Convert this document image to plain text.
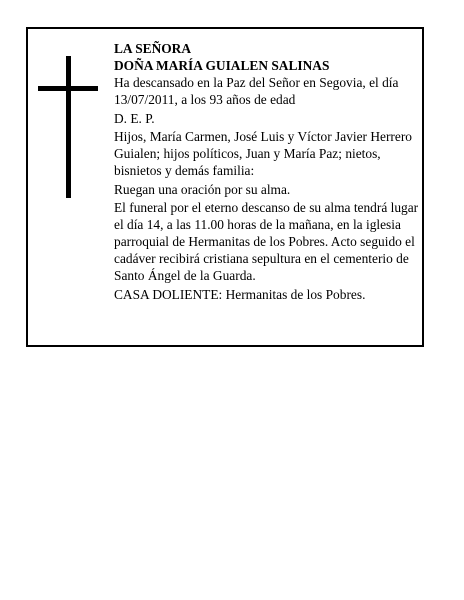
LA SEÑORA
DOÑA MARÍA GUIALEN SALINAS

Ha descansado en la Paz del Señor en Segovia, el día 13/07/2011, a los 93 años de edad

D. E. P.

Hijos, María Carmen, José Luis y Víctor Javier Herrero Guialen; hijos políticos, Juan y María Paz; nietos, bisnietos y demás familia:

Ruegan una oración por su alma.

El funeral por el eterno descanso de su alma tendrá lugar el día 14, a las 11.00 horas de la mañana, en la iglesia parroquial de Hermanitas de los Pobres. Acto seguido el cadáver recibirá cristiana sepultura en el cementerio de Santo Ángel de la Guarda.

CASA DOLIENTE: Hermanitas de los Pobres.
